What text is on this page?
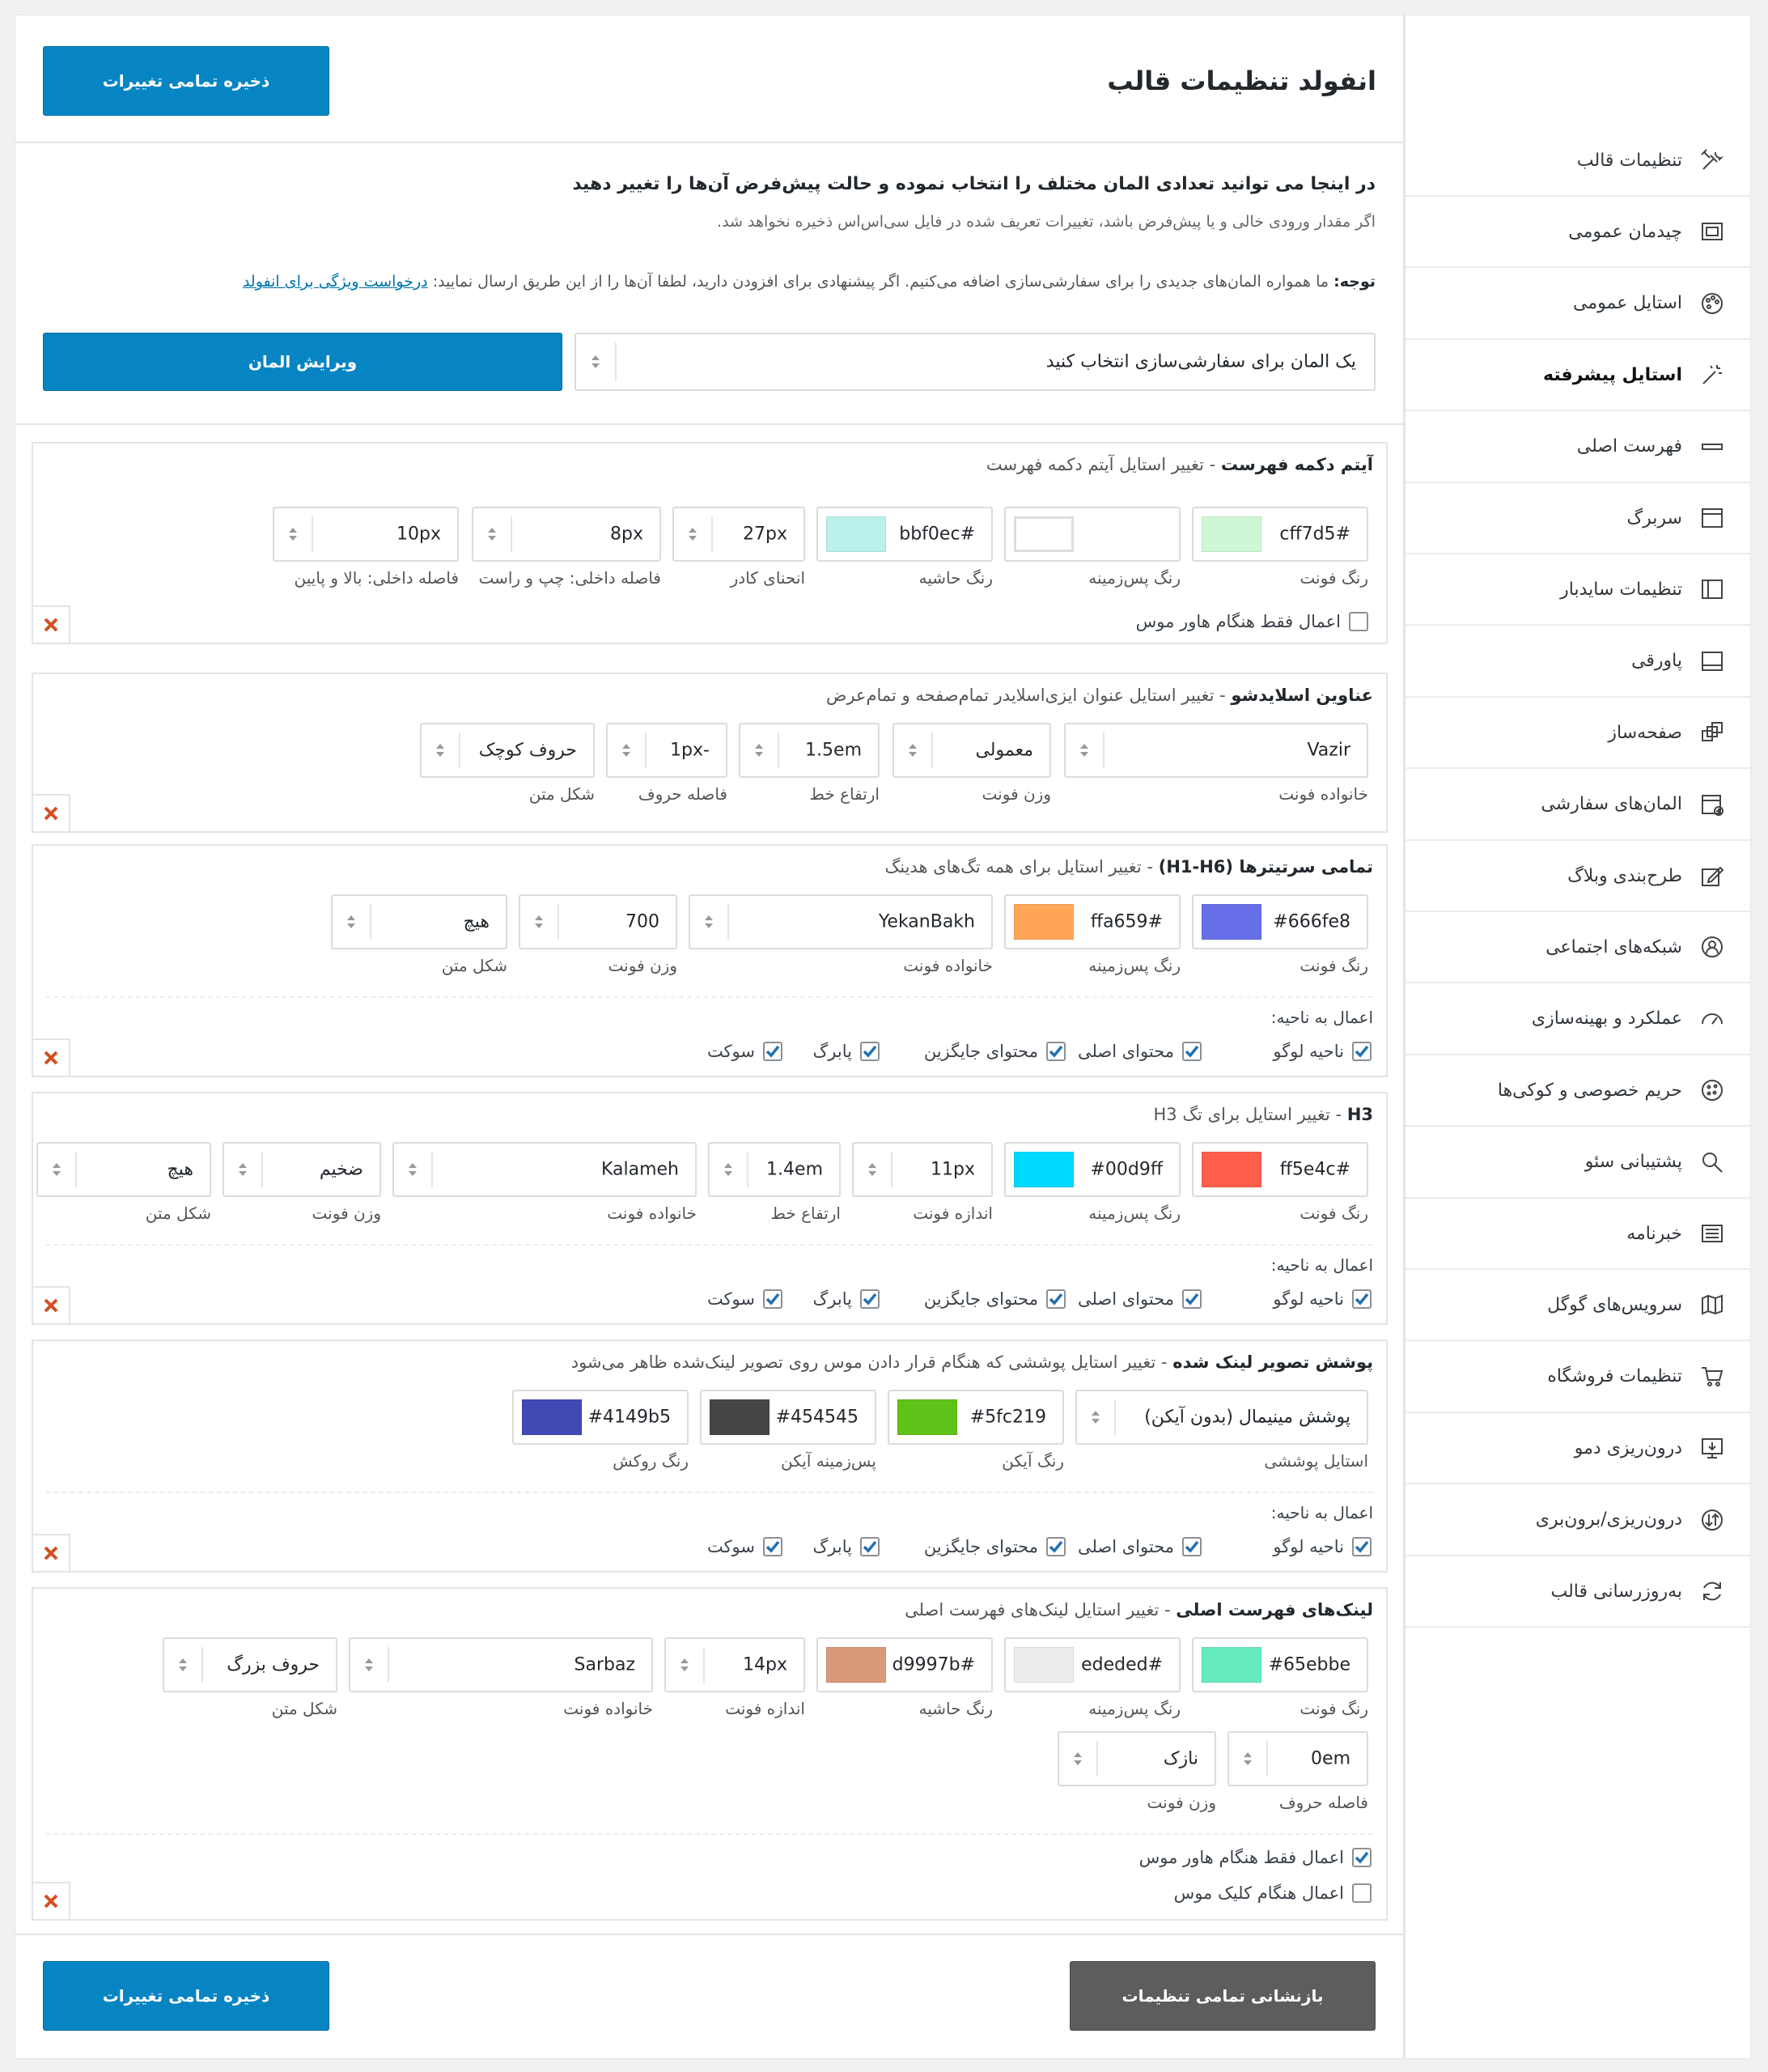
تنظیمات قالب
چیدمان عمومی
استایل عمومی
استایل پیشرفته
فهرست اصلی
سربرگ
تنظیمات سایدبار
پاورقی
صفحه‌ساز
المان‌های سفارشی
طرح‌بندی وبلاگ
شبکه‌های اجتماعی
عملکرد و بهینه‌سازی
حریم خصوصی و کوکی‌ها
پشتیبانی سئو
خبرنامه
سرویس‌های گوگل
تنظیمات فروشگاه
درون‌ریزی دمو
درون‌ریزی/برون‌بری
به‌روزرسانی قالب
انفولد تنظیمات قالب
ذخیره تمامی تغییرات
در اینجا می توانید تعدادی المان مختلف را انتخاب نموده و حالت پیش‌فرض آن‌ها را تغییر دهید
اگر مقدار ورودی خالی و یا پیش‌فرض باشد، تغییرات تعریف شده در فایل سی‌اس‌اس ذخیره نخواهد شد.
توجه: ما همواره المان‌های جدیدی را برای سفارشی‌سازی اضافه می‌کنیم. اگر پیشنهادی برای افزودن دارید، لطفا آن‌ها را از این طریق ارسال نمایید: درخواست ویژگی برای انفولد
یک المان برای سفارشی‌سازی انتخاب کنید
ویرایش المان
آیتم دکمه فهرست - تغییر استایل آیتم دکمه فهرست
#cff7d5
رنگ فونت
رنگ پس‌زمینه
#bbf0ec
رنگ حاشیه
27px
انحنای کادر
8px
فاصله داخلی: چپ و راست
10px
فاصله داخلی: بالا و پایین
اعمال فقط هنگام هاور موس
عناوین اسلایدشو - تغییر استایل عنوان ایزی‌اسلایدر تمام‌صفحه و تمام‌عرض
Vazir
خانواده فونت
معمولی
وزن فونت
1.5em
ارتفاع خط
-1px
فاصله حروف
حروف کوچک
شکل متن
تمامی سرتیترها (H1-H6) - تغییر استایل برای همه تگ‌های هدینگ
#666fe8
رنگ فونت
#ffa659
رنگ پس‌زمینه
YekanBakh
خانواده فونت
700
وزن فونت
هیچ
شکل متن
اعمال به ناحیه:
ناحیه لوگو
محتوای اصلی
محتوای جایگزین
پابرگ
سوکت
H3 - تغییر استایل برای تگ H3
#ff5e4c
رنگ فونت
#00d9ff
رنگ پس‌زمینه
11px
اندازه فونت
1.4em
ارتفاع خط
Kalameh
خانواده فونت
ضخیم
وزن فونت
هیچ
شکل متن
اعمال به ناحیه:
ناحیه لوگو
محتوای اصلی
محتوای جایگزین
پابرگ
سوکت
پوشش تصویر لینک شده - تغییر استایل پوششی که هنگام قرار دادن موس روی تصویر لینک‌شده ظاهر می‌شود
پوشش مینیمال (بدون آیکن)
استایل پوششی
#5fc219
رنگ آیکن
#454545
پس‌زمینه آیکن
#4149b5
رنگ روکش
اعمال به ناحیه:
ناحیه لوگو
محتوای اصلی
محتوای جایگزین
پابرگ
سوکت
لینک‌های فهرست اصلی - تغییر استایل لینک‌های فهرست اصلی
#65ebbe
رنگ فونت
#ededed
رنگ پس‌زمینه
#d9997b
رنگ حاشیه
14px
اندازه فونت
Sarbaz
خانواده فونت
حروف بزرگ
شکل متن
0em
فاصله حروف
نازک
وزن فونت
اعمال فقط هنگام هاور موس
اعمال هنگام کلیک موس
بازنشانی تمامی تنظیمات
ذخیره تمامی تغییرات
